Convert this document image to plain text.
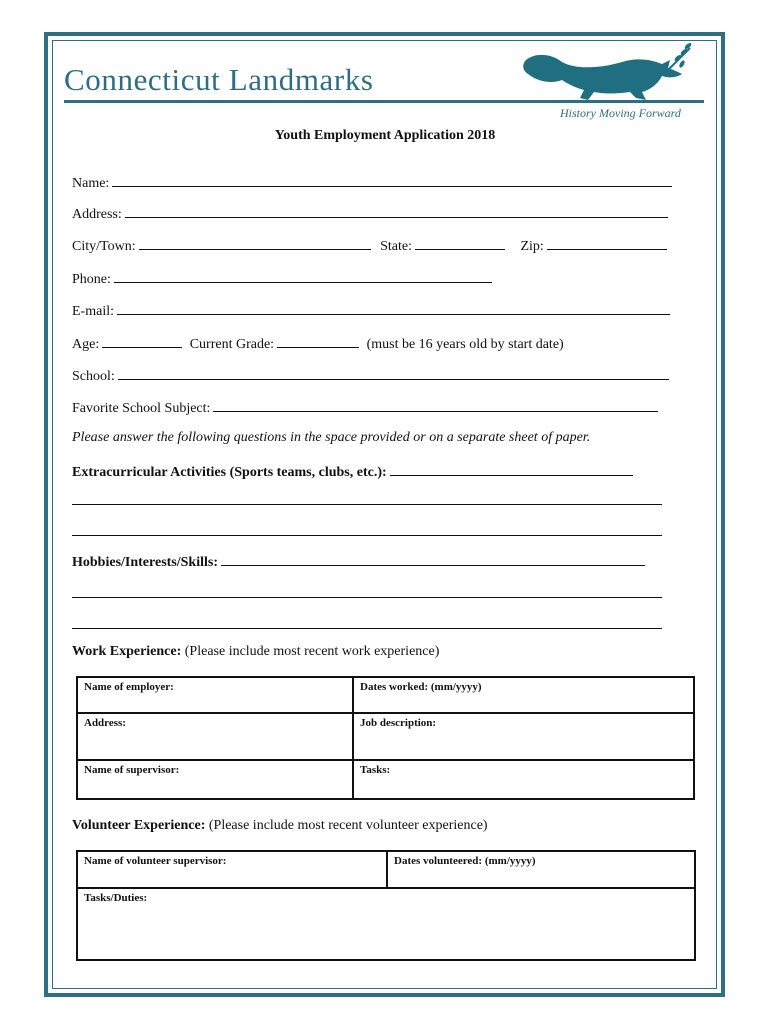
Connecticut Landmarks
History Moving Forward
Youth Employment Application 2018
Name:
Address:
City/Town:	State:	Zip:
Phone:
E-mail:
Age:	Current Grade:	(must be 16 years old by start date)
School:
Favorite School Subject:
Please answer the following questions in the space provided or on a separate sheet of paper.
Extracurricular Activities (Sports teams, clubs, etc.):
Hobbies/Interests/Skills:
Work Experience: (Please include most recent work experience)
Name of employer:	Dates worked: (mm/yyyy)
Address:	Job description:
Name of supervisor:	Tasks:
Volunteer Experience: (Please include most recent volunteer experience)
Name of volunteer supervisor:	Dates volunteered: (mm/yyyy)
Tasks/Duties:
